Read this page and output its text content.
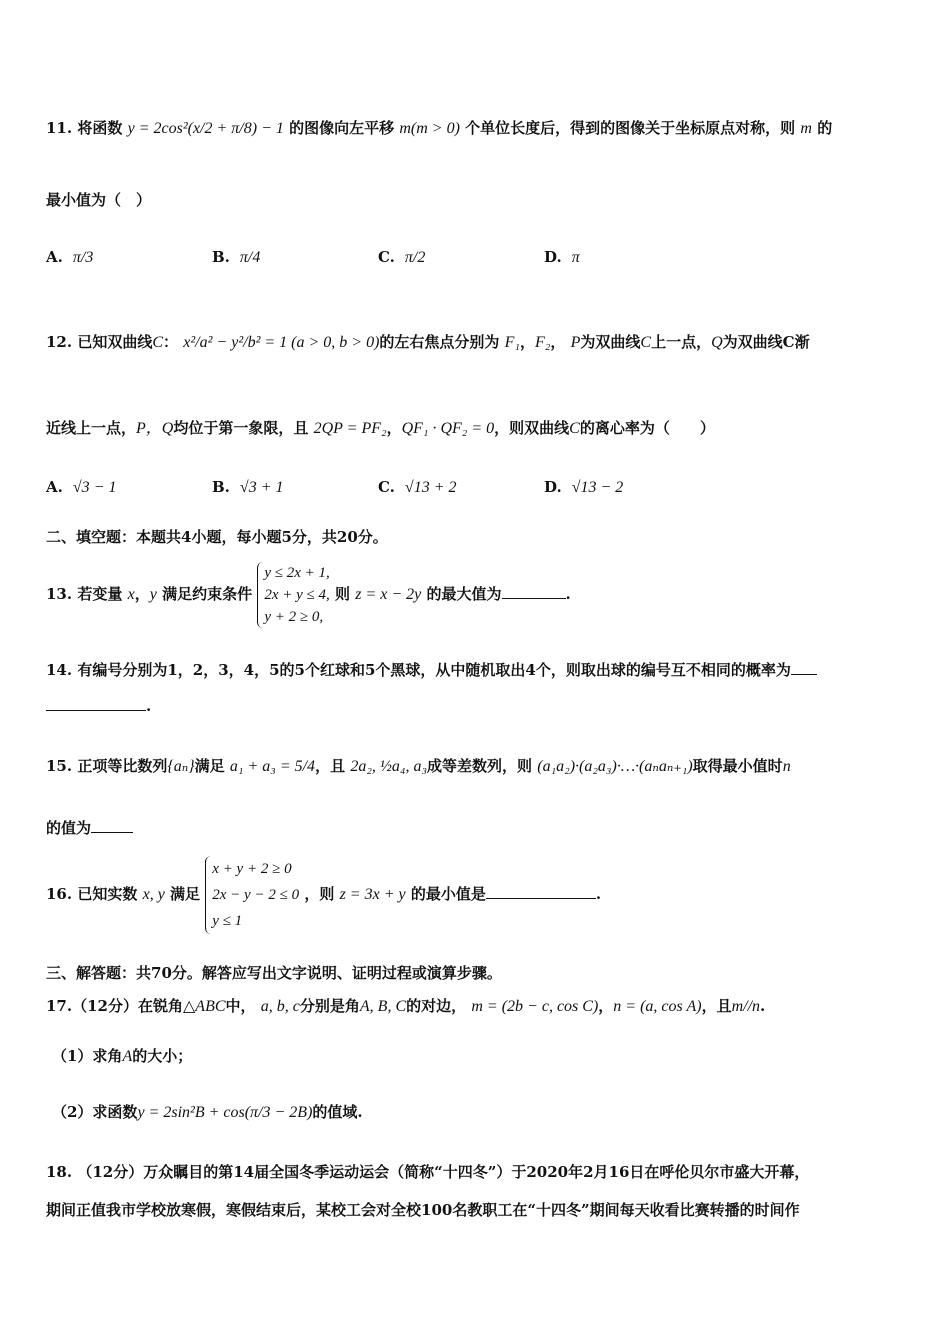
11. 将函数 y = 2cos²(x/2 + π/8) − 1 的图像向左平移 m(m > 0) 个单位长度后，得到的图像关于坐标原点对称，则 m 的
最小值为（　）
A. π/3	B. π/4	C. π/2	D. π
12. 已知双曲线C： x²/a² − y²/b² = 1 (a > 0, b > 0)的左右焦点分别为 F₁，F₂， P为双曲线C上一点，Q为双曲线C渐
近线上一点，P，Q均位于第一象限，且 2QP = PF₂，QF₁ · QF₂ = 0，则双曲线C的离心率为（　　）
A. √3 − 1	B. √3 + 1	C. √13 + 2	D. √13 − 2
二、填空题：本题共4小题，每小题5分，共20分。
13. 若变量 x，y 满足约束条件
y ≤ 2x + 1,
2x + y ≤ 4,
y + 2 ≥ 0,
则 z = x − 2y 的最大值为	.
14. 有编号分别为1，2，3，4，5的5个红球和5个黑球，从中随机取出4个，则取出球的编号互不相同的概率为
.
15. 正项等比数列{aₙ}满足 a₁ + a₃ = 5/4，且 2a₂, ½a₄, a₃成等差数列，则 (a₁a₂)·(a₂a₃)·…·(aₙaₙ₊₁)取得最小值时n
的值为
16. 已知实数 x, y 满足
x + y + 2 ≥ 0
2x − y − 2 ≤ 0
y ≤ 1
，则 z = 3x + y 的最小值是	.
三、解答题：共70分。解答应写出文字说明、证明过程或演算步骤。
17.（12分）在锐角△ABC中， a, b, c分别是角A, B, C的对边， m = (2b − c, cos C)，n = (a, cos A)，且m//n.
（1）求角A的大小；
（2）求函数y = 2sin²B + cos(π/3 − 2B)的值域.
18. （12分）万众瞩目的第14届全国冬季运动运会（简称“十四冬”）于2020年2月16日在呼伦贝尔市盛大开幕，
期间正值我市学校放寒假，寒假结束后，某校工会对全校100名教职工在“十四冬”期间每天收看比赛转播的时间作
